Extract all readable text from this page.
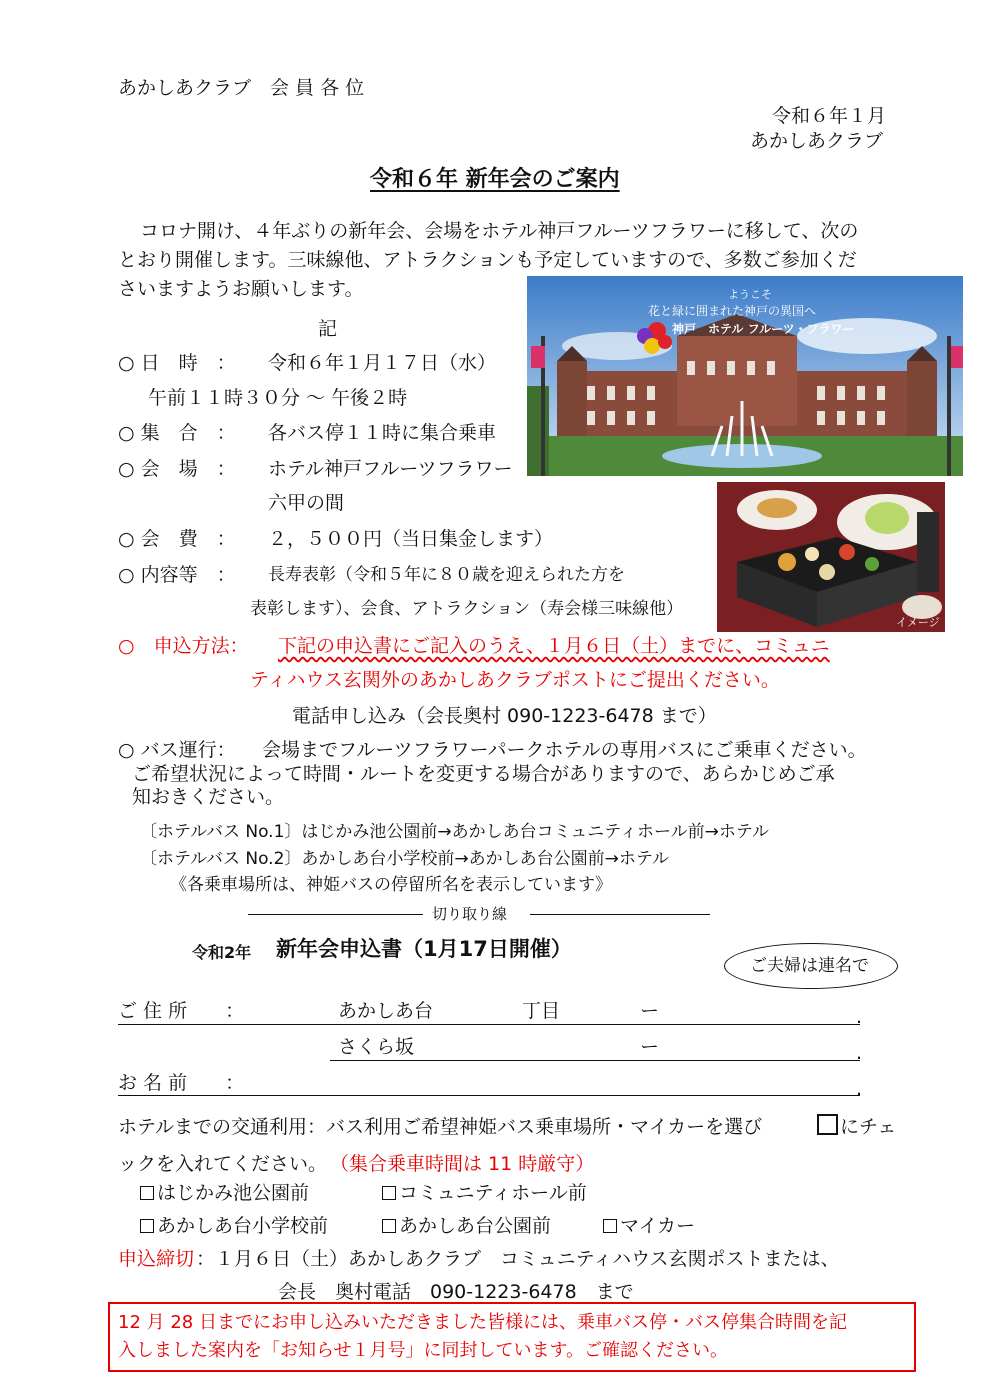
あかしあクラブ　会 員 各 位
令和６年１月
あかしあクラブ
令和６年 新年会のご案内
コロナ開け、４年ぶりの新年会、会場をホテル神戸フルーツフラワーに移して、次の
とおり開催します。三味線他、アトラクションも予定していますので、多数ご参加くだ
さいますようお願いします。
記
○ 日　時　： 令和６年１月１７日（水）
午前１１時３０分 ～ 午後２時
○ 集　合　： 各バス停１１時に集合乗車
○ 会　場　： ホテル神戸フルーツフラワー
六甲の間
○ 会　費　： ２，５００円（当日集金します）
○ 内容等　： 長寿表彰（令和５年に８０歳を迎えられた方を
表彰します）、会食、アトラクション（寿会様三味線他）
ようこそ
花と緑に囲まれた神戸の異国へ
神戸　ホテル フルーツ・フラワー
イメージ
○　申込方法： 下記の申込書にご記入のうえ、１月６日（土）までに、コミュニ
ティハウス玄関外のあかしあクラブポストにご提出ください。
電話申し込み（会長奥村 090-1223-6478 まで）
○ バス運行： 会場までフルーツフラワーパークホテルの専用バスにご乗車ください。
ご希望状況によって時間・ルートを変更する場合がありますので、あらかじめご承
知おきください。
〔ホテルバス No.1〕はじかみ池公園前→あかしあ台コミュニティホール前→ホテル
〔ホテルバス No.2〕あかしあ台小学校前→あかしあ台公園前→ホテル
《各乗車場所は、神姫バスの停留所名を表示しています》
切り取り線
令和2年 新年会申込書（1月17日開催）
ご夫婦は連名で
ご 住 所　　：	あかしあ台	丁目	ー	.
さくら坂	ー	.
お 名 前　　：	.
ホテルまでの交通利用：バス利用ご希望神姫バス乗車場所・マイカーを選び	にチェ
ックを入れてください。 （集合乗車時間は 11 時厳守）
はじかみ池公園前	コミュニティホール前
あかしあ台小学校前	あかしあ台公園前	マイカー
申込締切 ：１月６日（土）あかしあクラブ　コミュニティハウス玄関ポストまたは、
会長　奥村電話　090-1223-6478　まで
12 月 28 日までにお申し込みいただきました皆様には、乗車バス停・バス停集合時間を記
入しました案内を「お知らせ１月号」に同封しています。ご確認ください。
